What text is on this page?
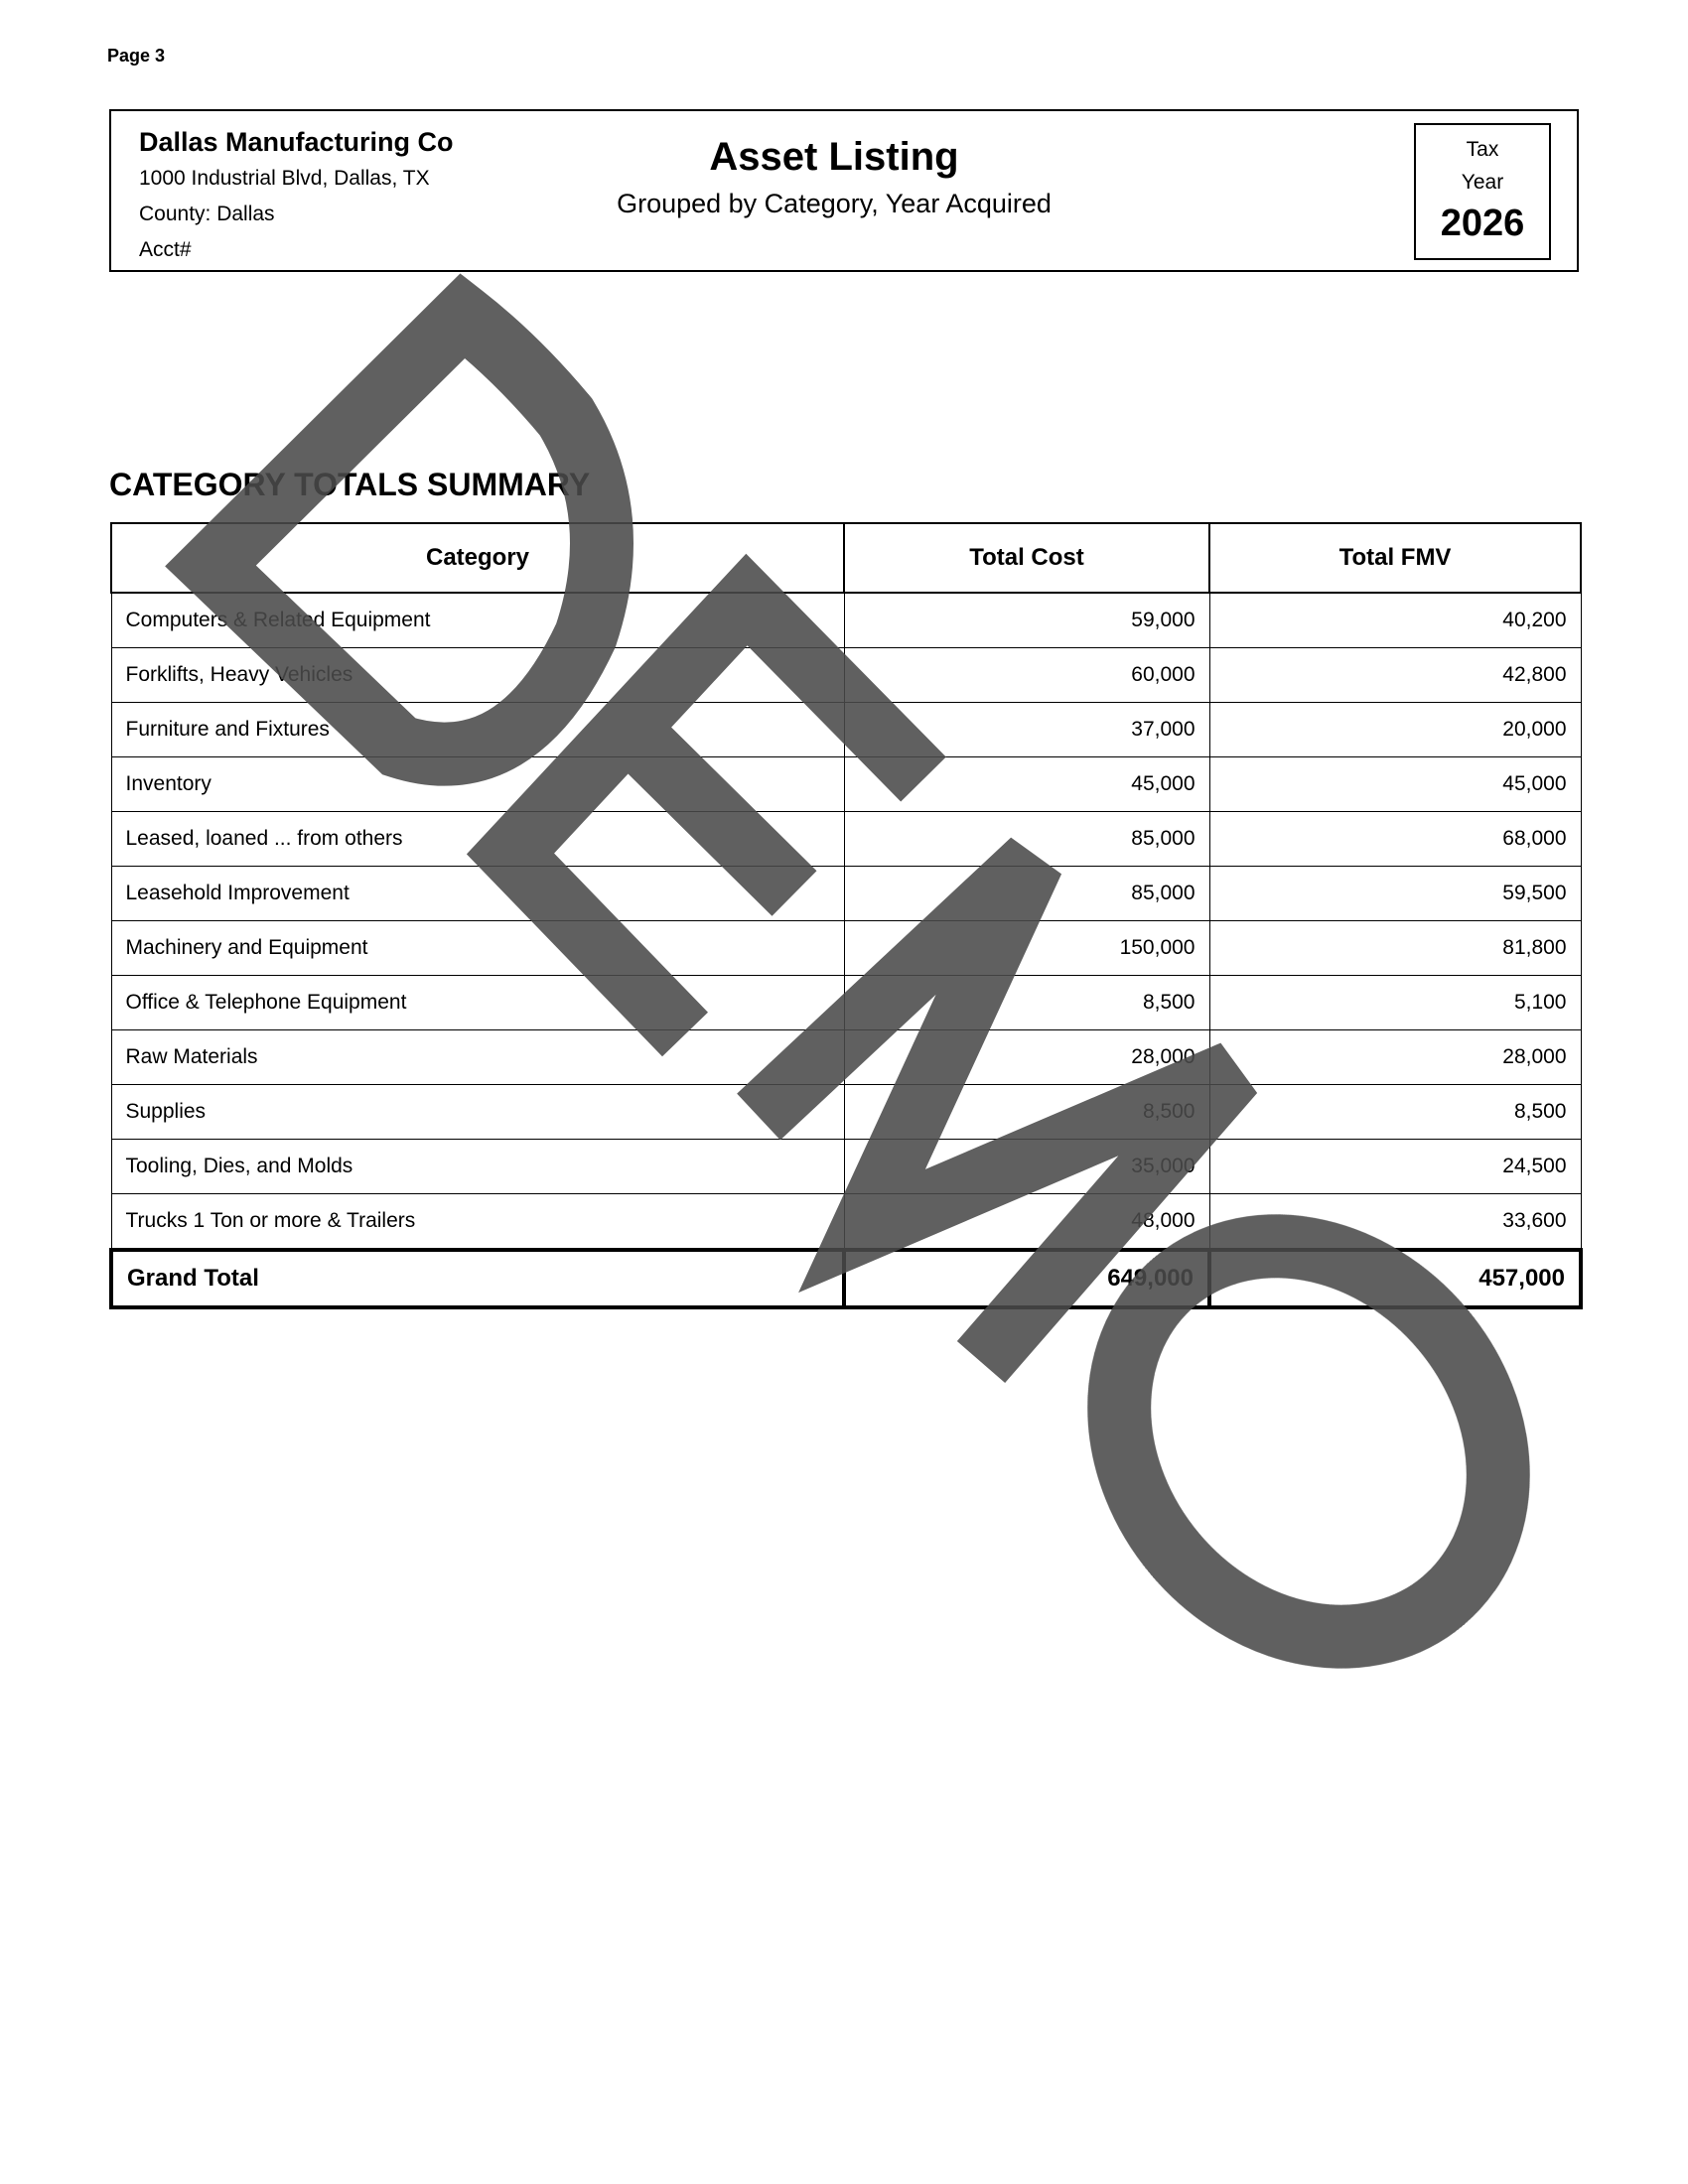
Page 3
Dallas Manufacturing Co
1000 Industrial Blvd, Dallas, TX
County: Dallas
Acct#
Asset Listing
Grouped by Category, Year Acquired
Tax
Year
2026
CATEGORY TOTALS SUMMARY
Category	Total Cost	Total FMV
Computers & Related Equipment	59,000	40,200
Forklifts, Heavy Vehicles	60,000	42,800
Furniture and Fixtures	37,000	20,000
Inventory	45,000	45,000
Leased, loaned ... from others	85,000	68,000
Leasehold Improvement	85,000	59,500
Machinery and Equipment	150,000	81,800
Office & Telephone Equipment	8,500	5,100
Raw Materials	28,000	28,000
Supplies	8,500	8,500
Tooling, Dies, and Molds	35,000	24,500
Trucks 1 Ton or more & Trailers	48,000	33,600
Grand Total	649,000	457,000
